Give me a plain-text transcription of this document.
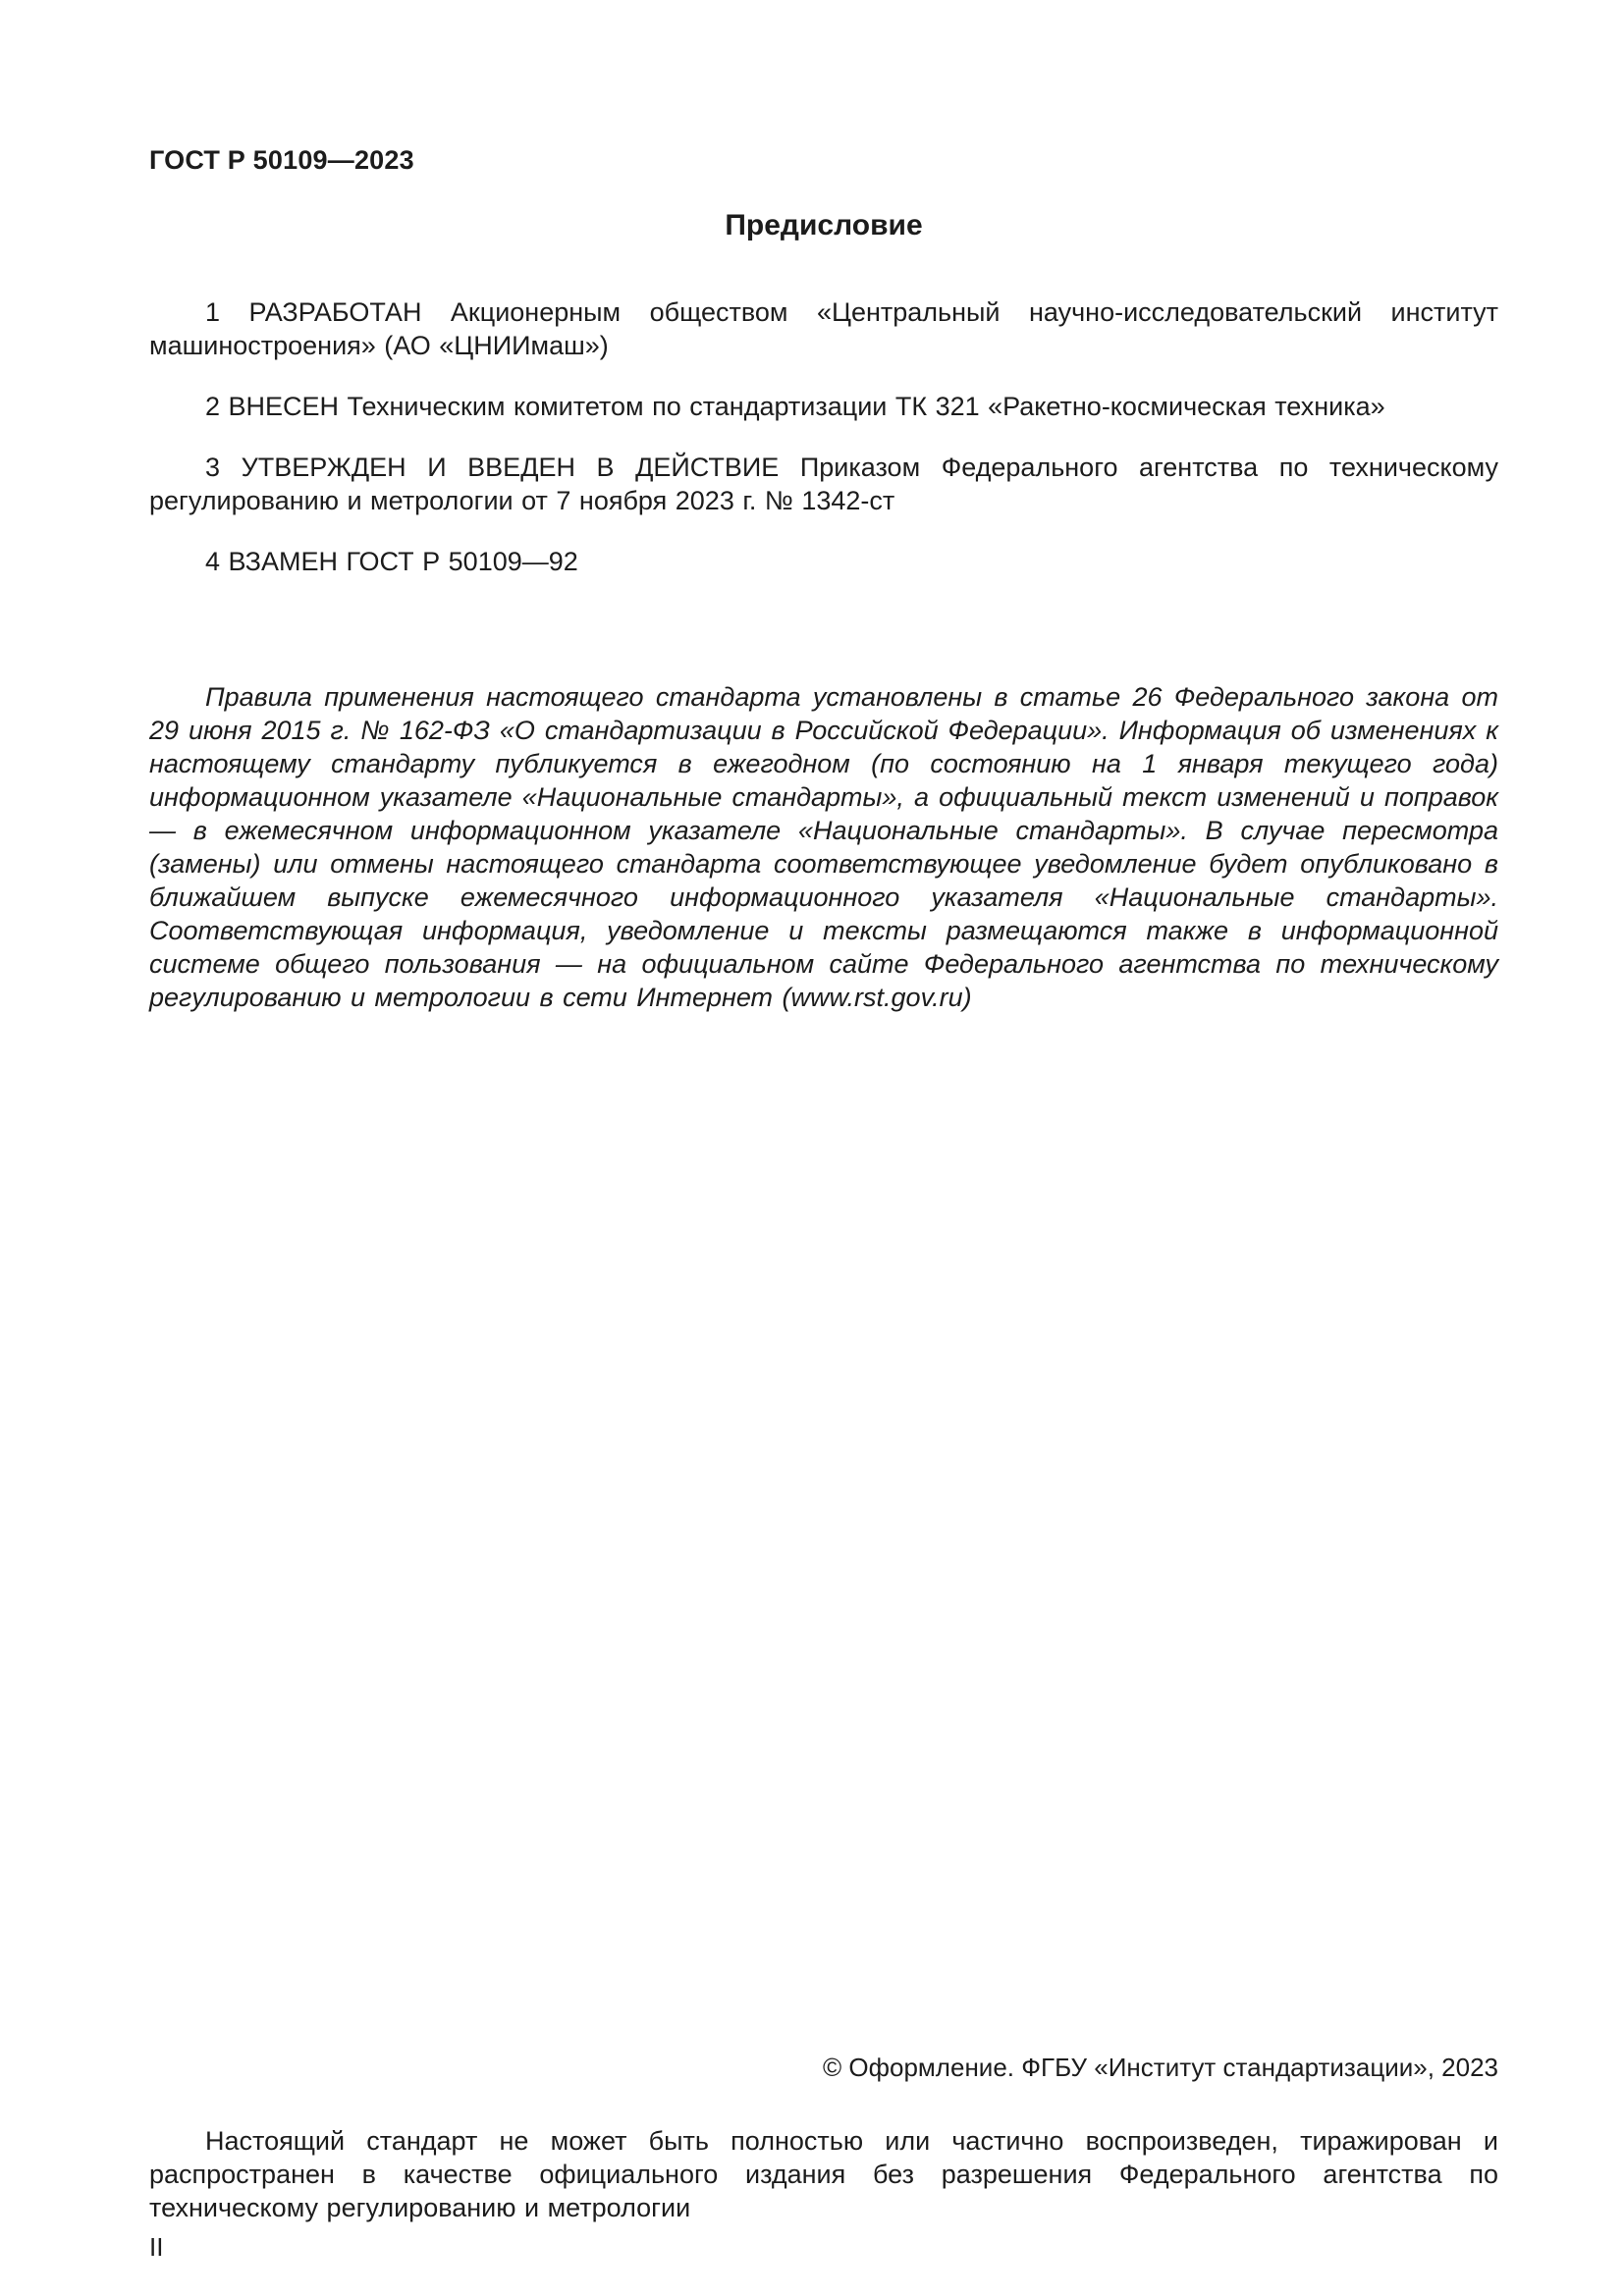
ГОСТ Р 50109—2023
Предисловие

1 РАЗРАБОТАН Акционерным обществом «Центральный научно-исследовательский институт машиностроения» (АО «ЦНИИмаш»)

2 ВНЕСЕН Техническим комитетом по стандартизации ТК 321 «Ракетно-космическая техника»

3 УТВЕРЖДЕН И ВВЕДЕН В ДЕЙСТВИЕ Приказом Федерального агентства по техническому регулированию и метрологии от 7 ноября 2023 г. № 1342-ст

4 ВЗАМЕН ГОСТ Р 50109—92

Правила применения настоящего стандарта установлены в статье 26 Федерального закона от 29 июня 2015 г. № 162-ФЗ «О стандартизации в Российской Федерации». Информация об изменениях к настоящему стандарту публикуется в ежегодном (по состоянию на 1 января текущего года) информационном указателе «Национальные стандарты», а официальный текст изменений и поправок — в ежемесячном информационном указателе «Национальные стандарты». В случае пересмотра (замены) или отмены настоящего стандарта соответствующее уведомление будет опубликовано в ближайшем выпуске ежемесячного информационного указателя «Национальные стандарты». Соответствующая информация, уведомление и тексты размещаются также в информационной системе общего пользования — на официальном сайте Федерального агентства по техническому регулированию и метрологии в сети Интернет (www.rst.gov.ru)

© Оформление. ФГБУ «Институт стандартизации», 2023

Настоящий стандарт не может быть полностью или частично воспроизведен, тиражирован и распространен в качестве официального издания без разрешения Федерального агентства по техническому регулированию и метрологии

II
